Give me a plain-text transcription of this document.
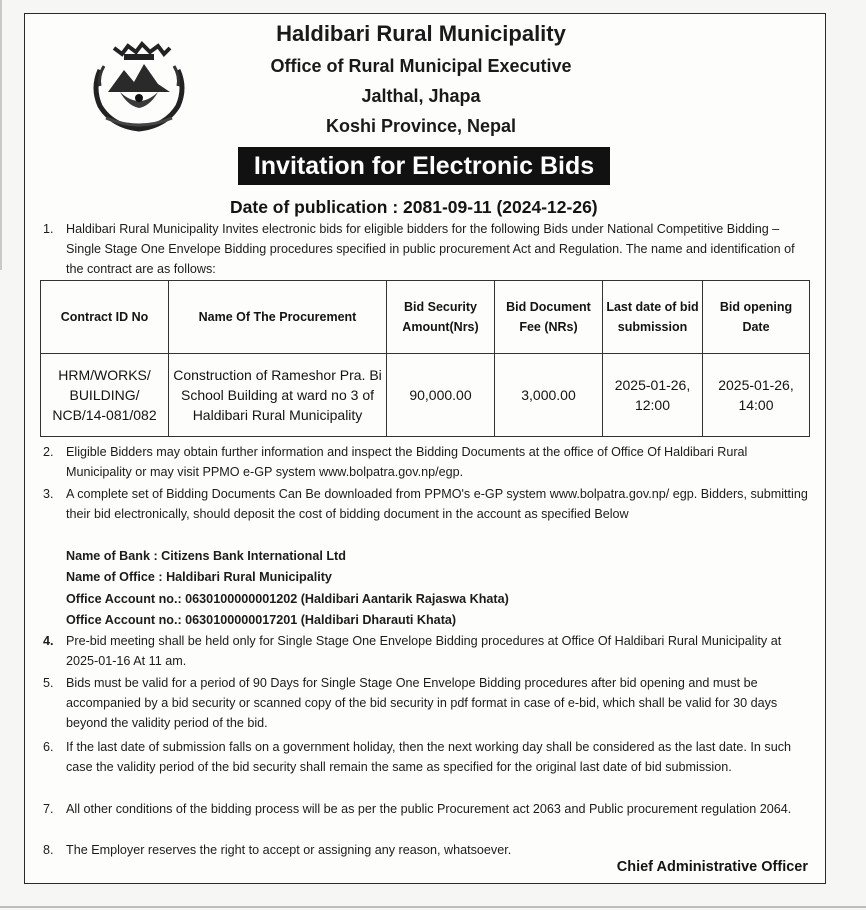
Haldibari Rural Municipality
Office of Rural Municipal Executive
Jalthal, Jhapa
Koshi Province, Nepal
Invitation for Electronic Bids
Date of publication : 2081-09-11 (2024-12-26)
1. Haldibari Rural Municipality Invites electronic bids for eligible bidders for the following Bids under National Competitive Bidding – Single Stage One Envelope Bidding procedures specified in public procurement Act and Regulation. The name and identification of the contract are as follows:
Contract ID No	Name Of The Procurement	Bid Security Amount(Nrs)	Bid Document Fee (NRs)	Last date of bid submission	Bid opening Date
HRM/WORKS/ BUILDING/ NCB/14-081/082	Construction of Rameshor Pra. Bi School Building at ward no 3 of Haldibari Rural Municipality	90,000.00	3,000.00	2025-01-26, 12:00	2025-01-26, 14:00
2. Eligible Bidders may obtain further information and inspect the Bidding Documents at the office of Office Of Haldibari Rural Municipality or may visit PPMO e-GP system www.bolpatra.gov.np/egp.
3. A complete set of Bidding Documents Can Be downloaded from PPMO's e-GP system www.bolpatra.gov.np/ egp. Bidders, submitting their bid electronically, should deposit the cost of bidding document in the account as specified Below
Name of Bank : Citizens Bank International Ltd
Name of Office : Haldibari Rural Municipality
Office Account no.: 0630100000001202 (Haldibari Aantarik Rajaswa Khata)
Office Account no.: 0630100000017201 (Haldibari Dharauti Khata)
4. Pre-bid meeting shall be held only for Single Stage One Envelope Bidding procedures at Office Of Haldibari Rural Municipality at 2025-01-16 At 11 am.
5. Bids must be valid for a period of 90 Days for Single Stage One Envelope Bidding procedures after bid opening and must be accompanied by a bid security or scanned copy of the bid security in pdf format in case of e-bid, which shall be valid for 30 days beyond the validity period of the bid.
6. If the last date of submission falls on a government holiday, then the next working day shall be considered as the last date. In such case the validity period of the bid security shall remain the same as specified for the original last date of bid submission.
7. All other conditions of the bidding process will be as per the public Procurement act 2063 and Public procurement regulation 2064.
8. The Employer reserves the right to accept or assigning any reason, whatsoever.
Chief Administrative Officer
